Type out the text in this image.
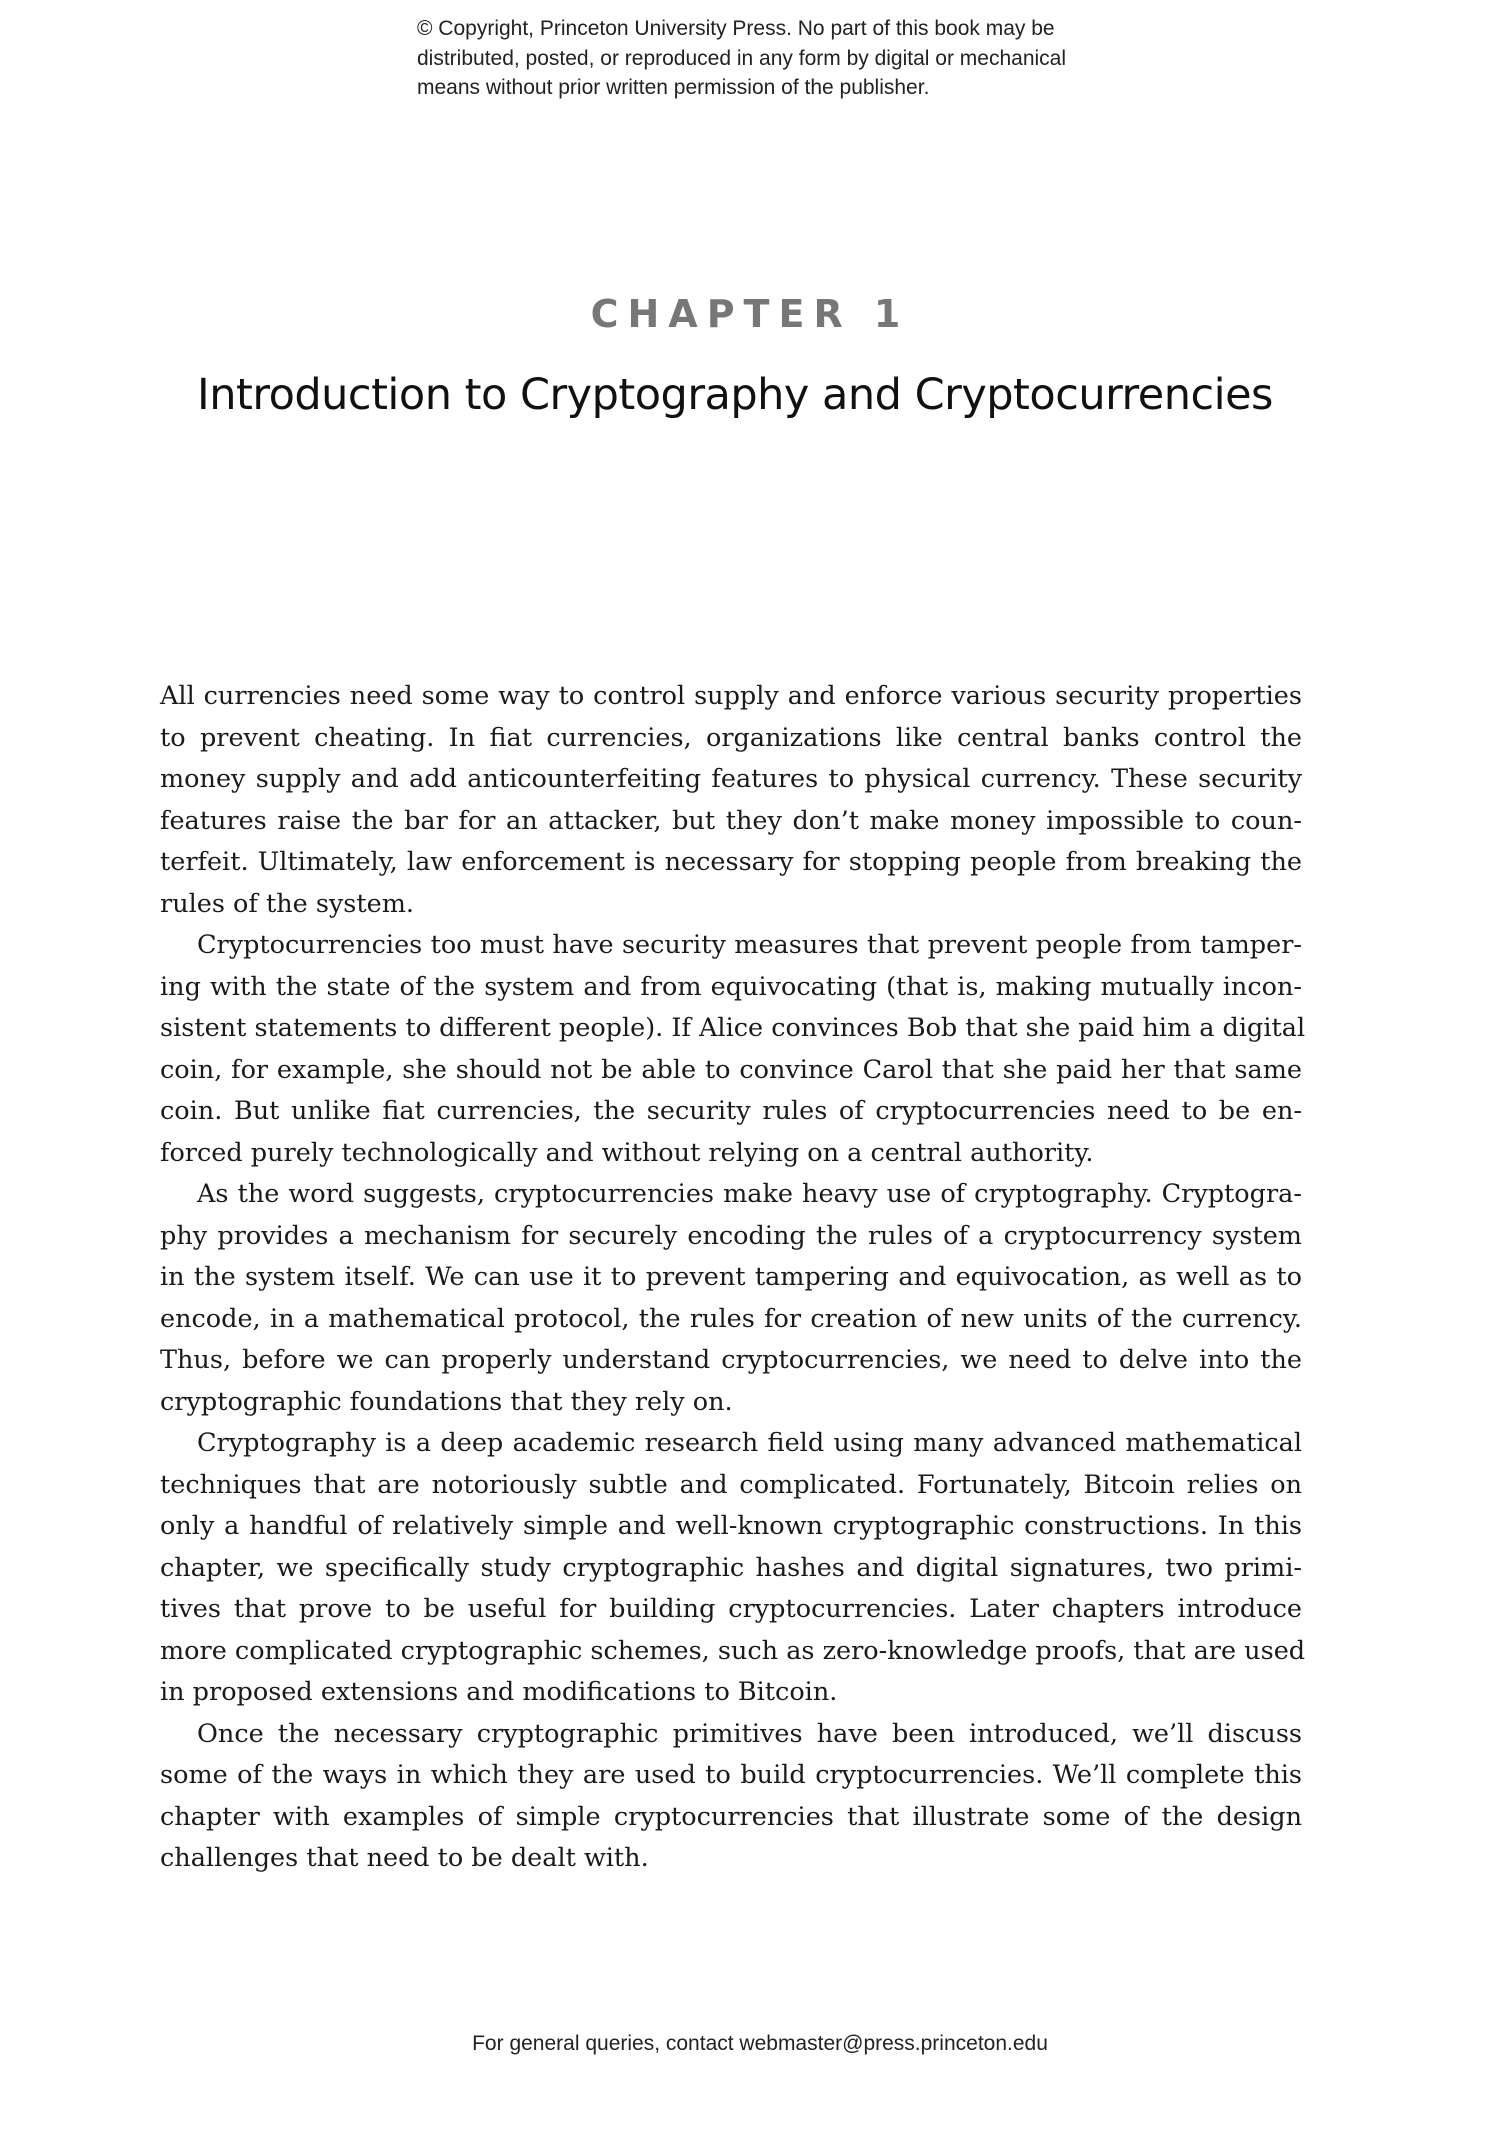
© Copyright, Princeton University Press. No part of this book may be
distributed, posted, or reproduced in any form by digital or mechanical
means without prior written permission of the publisher.
CHAPTER 1
Introduction to Cryptography and Cryptocurrencies
All currencies need some way to control supply and enforce various security properties
to prevent cheating. In fiat currencies, organizations like central banks control the
money supply and add anticounterfeiting features to physical currency. These security
features raise the bar for an attacker, but they don’t make money impossible to coun-
terfeit. Ultimately, law enforcement is necessary for stopping people from breaking the
rules of the system.
Cryptocurrencies too must have security measures that prevent people from tamper-
ing with the state of the system and from equivocating (that is, making mutually incon-
sistent statements to different people). If Alice convinces Bob that she paid him a digital
coin, for example, she should not be able to convince Carol that she paid her that same
coin. But unlike fiat currencies, the security rules of cryptocurrencies need to be en-
forced purely technologically and without relying on a central authority.
As the word suggests, cryptocurrencies make heavy use of cryptography. Cryptogra-
phy provides a mechanism for securely encoding the rules of a cryptocurrency system
in the system itself. We can use it to prevent tampering and equivocation, as well as to
encode, in a mathematical protocol, the rules for creation of new units of the currency.
Thus, before we can properly understand cryptocurrencies, we need to delve into the
cryptographic foundations that they rely on.
Cryptography is a deep academic research field using many advanced mathematical
techniques that are notoriously subtle and complicated. Fortunately, Bitcoin relies on
only a handful of relatively simple and well-known cryptographic constructions. In this
chapter, we specifically study cryptographic hashes and digital signatures, two primi-
tives that prove to be useful for building cryptocurrencies. Later chapters introduce
more complicated cryptographic schemes, such as zero-knowledge proofs, that are used
in proposed extensions and modifications to Bitcoin.
Once the necessary cryptographic primitives have been introduced, we’ll discuss
some of the ways in which they are used to build cryptocurrencies. We’ll complete this
chapter with examples of simple cryptocurrencies that illustrate some of the design
challenges that need to be dealt with.
For general queries, contact webmaster@press.princeton.edu
